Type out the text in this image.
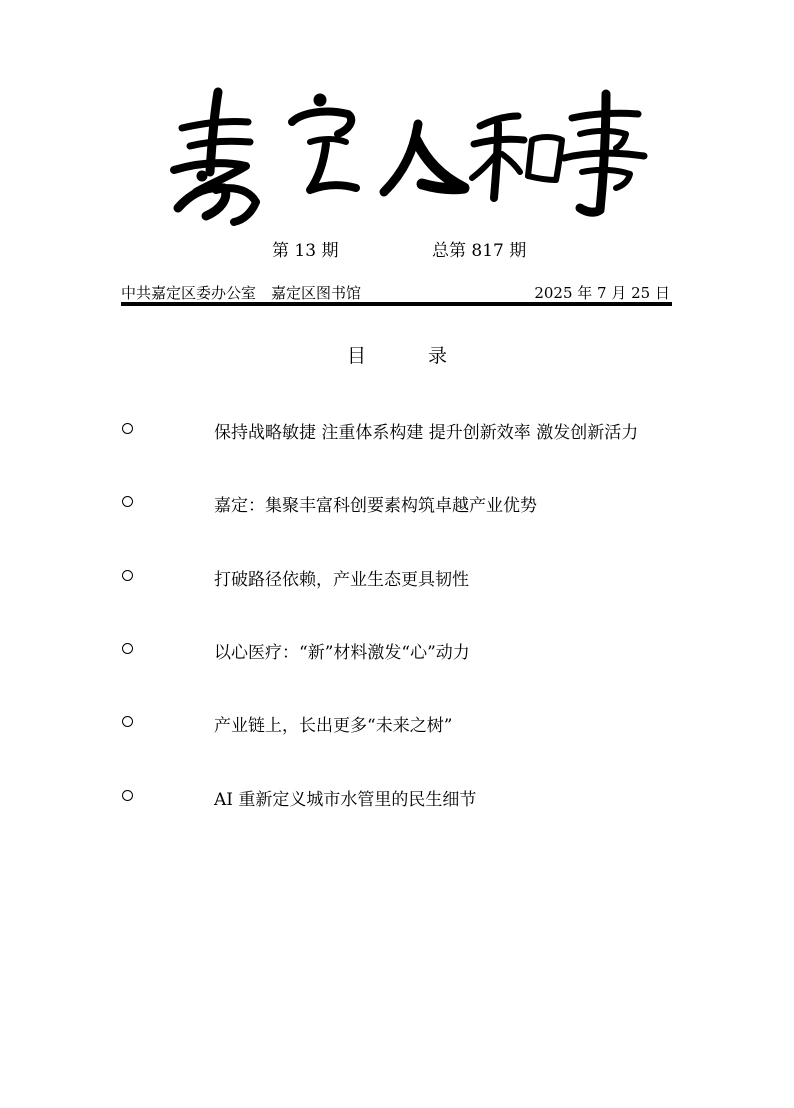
第 13 期	总第 817 期
中共嘉定区委办公室　嘉定区图书馆	2025 年 7 月 25 日
目 录
保持战略敏捷 注重体系构建 提升创新效率 激发创新活力
嘉定：集聚丰富科创要素构筑卓越产业优势
打破路径依赖，产业生态更具韧性
以心医疗：“新”材料激发“心”动力
产业链上，长出更多“未来之树”
AI 重新定义城市水管里的民生细节
